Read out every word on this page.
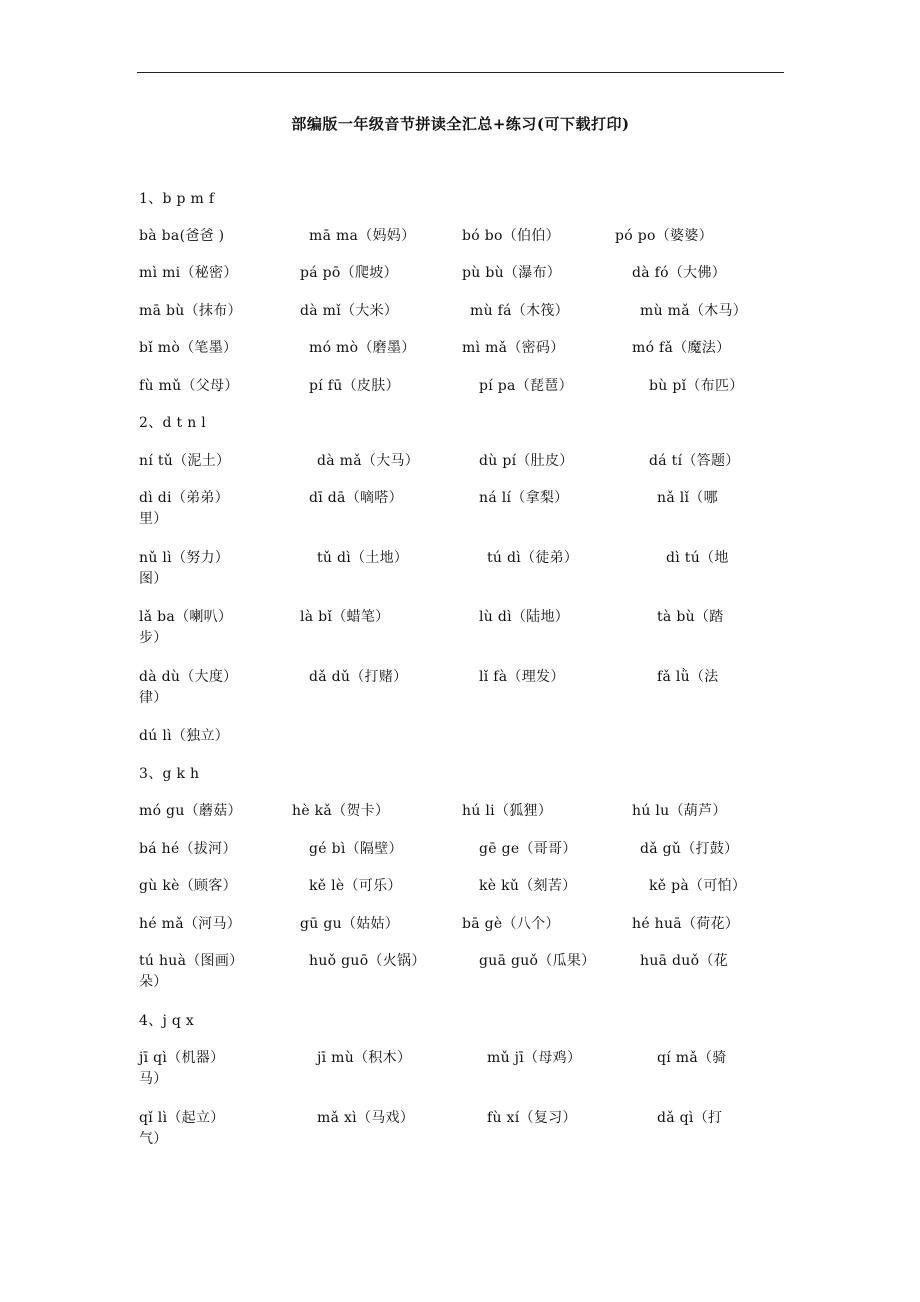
部编版一年级音节拼读全汇总+练习(可下载打印)
1、b p m f
bà ba(爸爸 )	mā ma（妈妈）	bó bo（伯伯）	pó po（婆婆）
mì mi（秘密）	pá pō（爬坡）	pù bù（瀑布）	dà fó（大佛）
mā bù（抹布）	dà mǐ（大米）	mù fá（木筏）	mù mǎ（木马）
bǐ mò（笔墨）	mó mò（磨墨）	mì mǎ（密码）	mó fǎ（魔法）
fù mǔ（父母）	pí fū（皮肤）	pí pa（琵琶）	bù pǐ（布匹）
2、d t n l
ní tǔ（泥土）	dà mǎ（大马）	dù pí（肚皮）	dá tí（答题）
dì di（弟弟）	dī dā（嘀嗒）	ná lí（拿梨）	nǎ lǐ（哪
里）
nǔ lì（努力）	tǔ dì（土地）	tú dì（徒弟）	dì tú（地
图）
lǎ ba（喇叭）	là bǐ（蜡笔）	lù dì（陆地）	tà bù（踏
步）
dà dù（大度）	dǎ dǔ（打赌）	lǐ fà（理发）	fǎ lǜ（法
律）
dú lì（独立）
3、g k h
mó gu（蘑菇）	hè kǎ（贺卡）	hú li（狐狸）	hú lu（葫芦）
bá hé（拔河）	gé bì（隔壁）	gē ge（哥哥）	dǎ gǔ（打鼓）
gù kè（顾客）	kě lè（可乐）	kè kǔ（刻苦）	kě pà（可怕）
hé mǎ（河马）	gū gu（姑姑）	bā gè（八个）	hé huā（荷花）
tú huà（图画）	huǒ guō（火锅）	guā guǒ（瓜果）	huā duǒ（花
朵）
4、j q x
jī qì（机器）	jī mù（积木）	mǔ jī（母鸡）	qí mǎ（骑
马）
qǐ lì（起立）	mǎ xì（马戏）	fù xí（复习）	dǎ qì（打
气）
